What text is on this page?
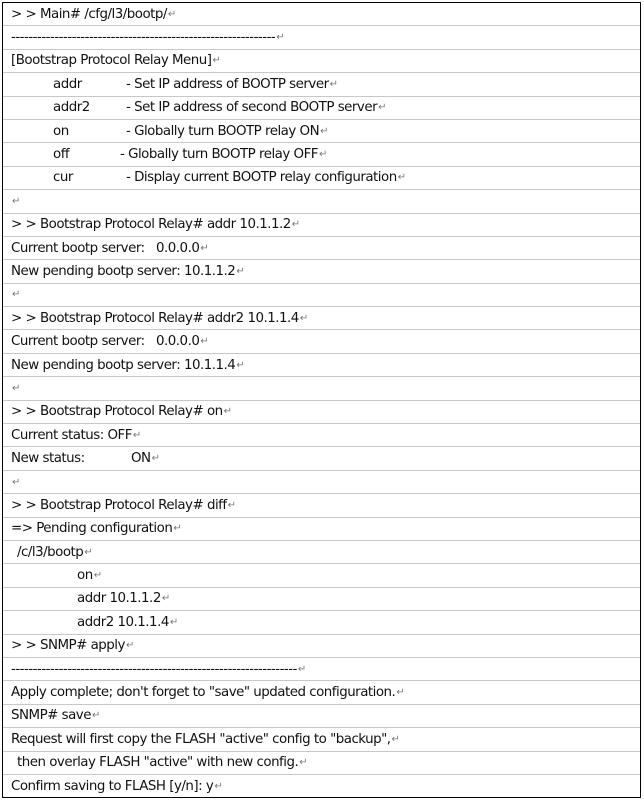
> > Main# /cfg/l3/bootp/ ↵
------------------------------------------------------------- ↵
[Bootstrap Protocol Relay Menu] ↵
addr	- Set IP address of BOOTP server ↵
addr2	- Set IP address of second BOOTP server ↵
on	- Globally turn BOOTP relay ON ↵
off	- Globally turn BOOTP relay OFF ↵
cur	- Display current BOOTP relay configuration ↵
↵
> > Bootstrap Protocol Relay# addr 10.1.1.2 ↵
Current bootp server: 0.0.0.0 ↵
New pending bootp server: 10.1.1.2 ↵
↵
> > Bootstrap Protocol Relay# addr2 10.1.1.4 ↵
Current bootp server: 0.0.0.0 ↵
New pending bootp server: 10.1.1.4 ↵
↵
> > Bootstrap Protocol Relay# on ↵
Current status: OFF ↵
New status:	ON ↵
↵
> > Bootstrap Protocol Relay# diff ↵
=> Pending configuration ↵
/c/l3/bootp ↵
on ↵
addr 10.1.1.2 ↵
addr2 10.1.1.4 ↵
> > SNMP# apply ↵
------------------------------------------------------------------ ↵
Apply complete; don't forget to "save" updated configuration. ↵
SNMP# save ↵
Request will first copy the FLASH "active" config to "backup", ↵
then overlay FLASH "active" with new config. ↵
Confirm saving to FLASH [y/n]: y ↵
